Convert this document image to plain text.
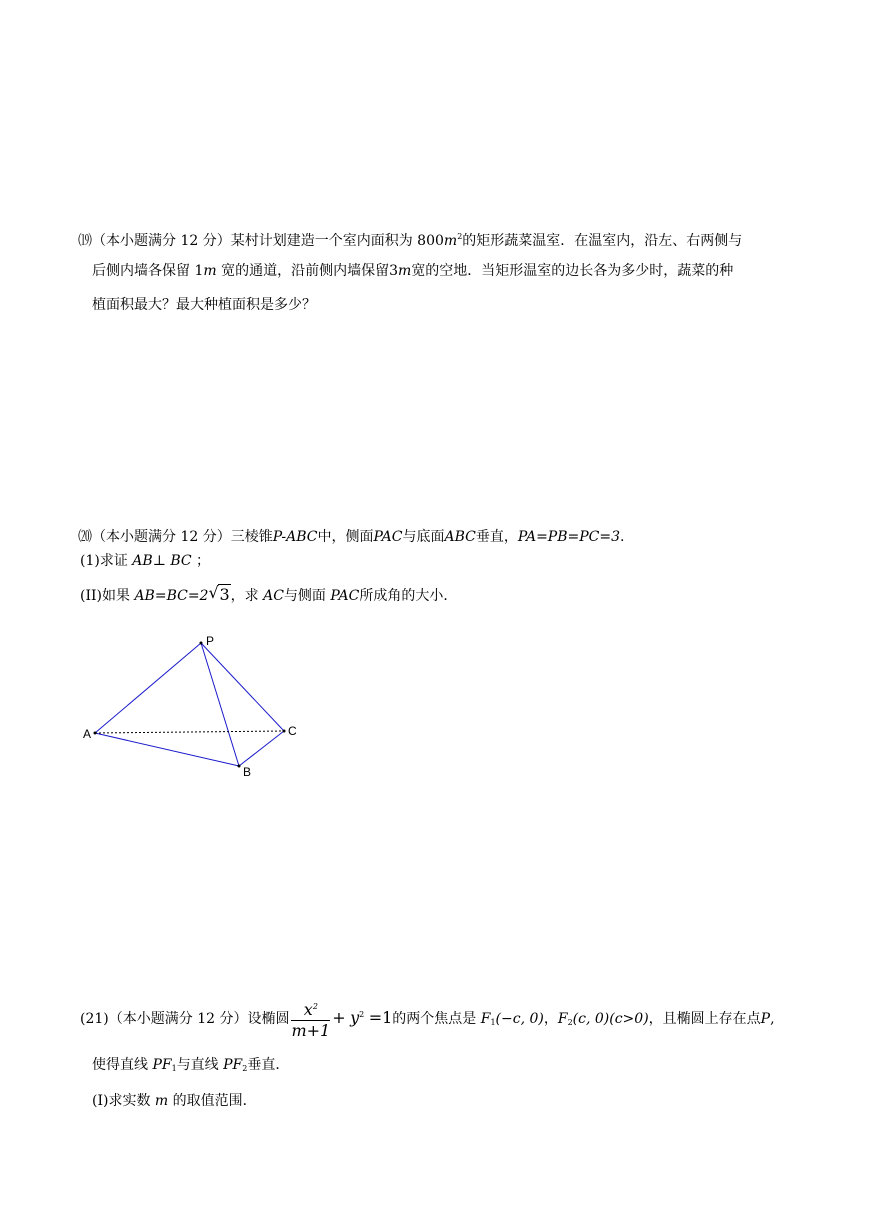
⒆（本小题满分 12 分）某村计划建造一个室内面积为 $800m^2$的矩形蔬菜温室．在温室内，沿左、右两侧与
后侧内墙各保留 1m 宽的通道，沿前侧内墙保留3m宽的空地．当矩形温室的边长各为多少时，蔬菜的种
植面积最大？最大种植面积是多少？
⒇（本小题满分 12 分）三棱锥P-ABC中，侧面PAC与底面ABC垂直，PA=PB=PC=3.
(1)求证 AB⊥ BC ；
(II)如果 AB=BC=2√ 3，求 AC与侧面 PAC所成角的大小．
P
A
B
C
(21)（本小题满分 12 分）设椭圆 $\frac{x^2}{m+1} + y^2 =1$的两个焦点是 $F_1(-c$, 0)，$F_2(c$, 0)(c>0)，且椭圆上存在点P,
使得直线 $PF_1$与直线 $PF_2$垂直．
(I)求实数 m 的取值范围．
